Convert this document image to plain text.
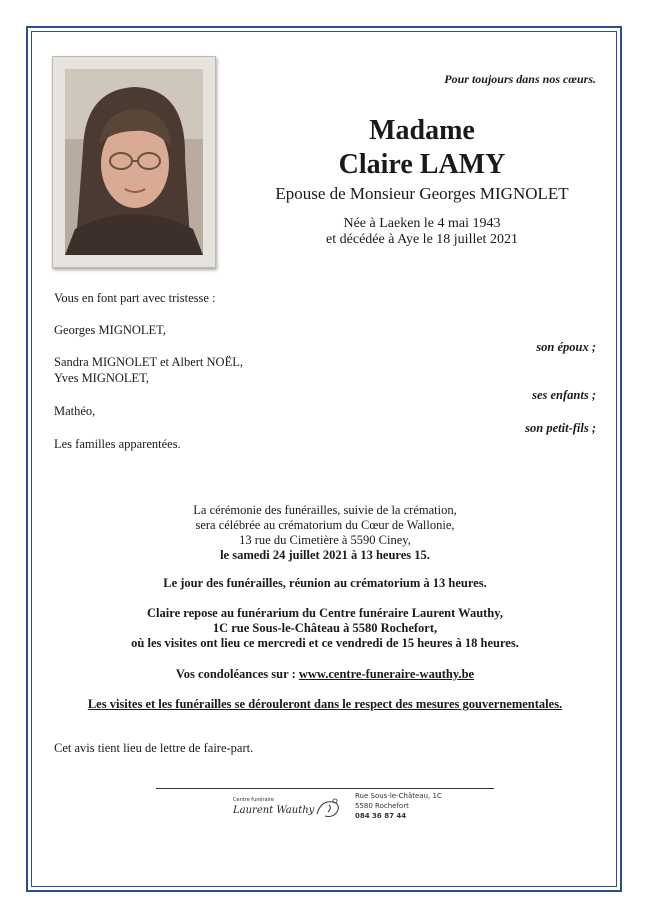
Pour toujours dans nos cœurs.
Madame
Claire LAMY
Epouse de Monsieur Georges MIGNOLET
Née à Laeken le 4 mai 1943
et décédée à Aye le 18 juillet 2021
Vous en font part avec tristesse :
Georges MIGNOLET,
son époux ;
Sandra MIGNOLET et Albert NOËL,
Yves MIGNOLET,
ses enfants ;
Mathéo,
son petit-fils ;
Les familles apparentées.
La cérémonie des funérailles, suivie de la crémation,
sera célébrée au crématorium du Cœur de Wallonie,
13 rue du Cimetière à 5590 Ciney,
le samedi 24 juillet 2021 à 13 heures 15.
Le jour des funérailles, réunion au crématorium à 13 heures.
Claire repose au funérarium du Centre funéraire Laurent Wauthy,
1C rue Sous-le-Château à 5580 Rochefort,
où les visites ont lieu ce mercredi et ce vendredi de 15 heures à 18 heures.
Vos condoléances sur : www.centre-funeraire-wauthy.be
Les visites et les funérailles se dérouleront dans le respect des mesures gouvernementales.
Cet avis tient lieu de lettre de faire-part.
Centre funéraire
Laurent Wauthy
Rue Sous-le-Château, 1C
5580 Rochefort
084 36 87 44
